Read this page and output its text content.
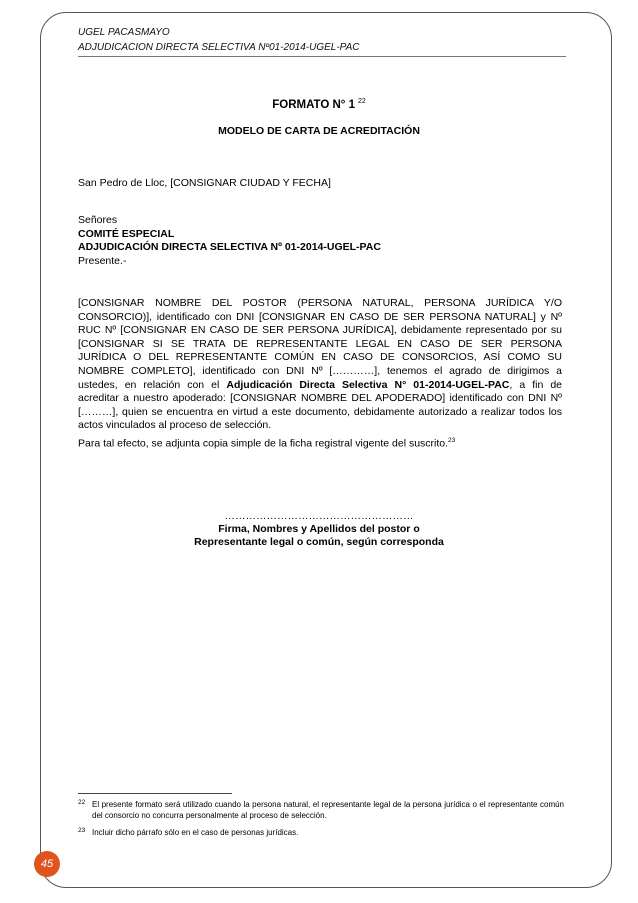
UGEL PACASMAYO
ADJUDICACION DIRECTA SELECTIVA Nº01-2014-UGEL-PAC
FORMATO N° 1 $^{22}$
MODELO DE CARTA DE ACREDITACIÓN
San Pedro de Lloc, [CONSIGNAR CIUDAD Y FECHA]
Señores
COMITÉ ESPECIAL
ADJUDICACIÓN DIRECTA SELECTIVA Nº 01-2014-UGEL-PAC
Presente.-
[CONSIGNAR NOMBRE DEL POSTOR (PERSONA NATURAL, PERSONA JURÍDICA Y/O
CONSORCIO)], identificado con DNI [CONSIGNAR EN CASO DE SER PERSONA NATURAL] y Nº
RUC Nº [CONSIGNAR EN CASO DE SER PERSONA JURÍDICA], debidamente representado por su
[CONSIGNAR SI SE TRATA DE REPRESENTANTE LEGAL EN CASO DE SER PERSONA
JURÍDICA O DEL REPRESENTANTE COMÚN EN CASO DE CONSORCIOS, ASÍ COMO SU
NOMBRE COMPLETO], identificado con DNI Nº […………], tenemos el agrado de dirigimos a
ustedes, en relación con el Adjudicación Directa Selectiva N° 01-2014-UGEL-PAC, a fin de
acreditar a nuestro apoderado: [CONSIGNAR NOMBRE DEL APODERADO] identificado con DNI Nº
[………], quien se encuentra en virtud a este documento, debidamente autorizado a realizar todos los
actos vinculados al proceso de selección.
Para tal efecto, se adjunta copia simple de la ficha registral vigente del suscrito.$^{23}$
………………………………………………
Firma, Nombres y Apellidos del postor o
Representante legal o común, según corresponda
22 El presente formato será utilizado cuando la persona natural, el representante legal de la persona jurídica o el representante común del consorcio no concurra personalmente al proceso de selección.
23 Incluir dicho párrafo sólo en el caso de personas jurídicas.
45
